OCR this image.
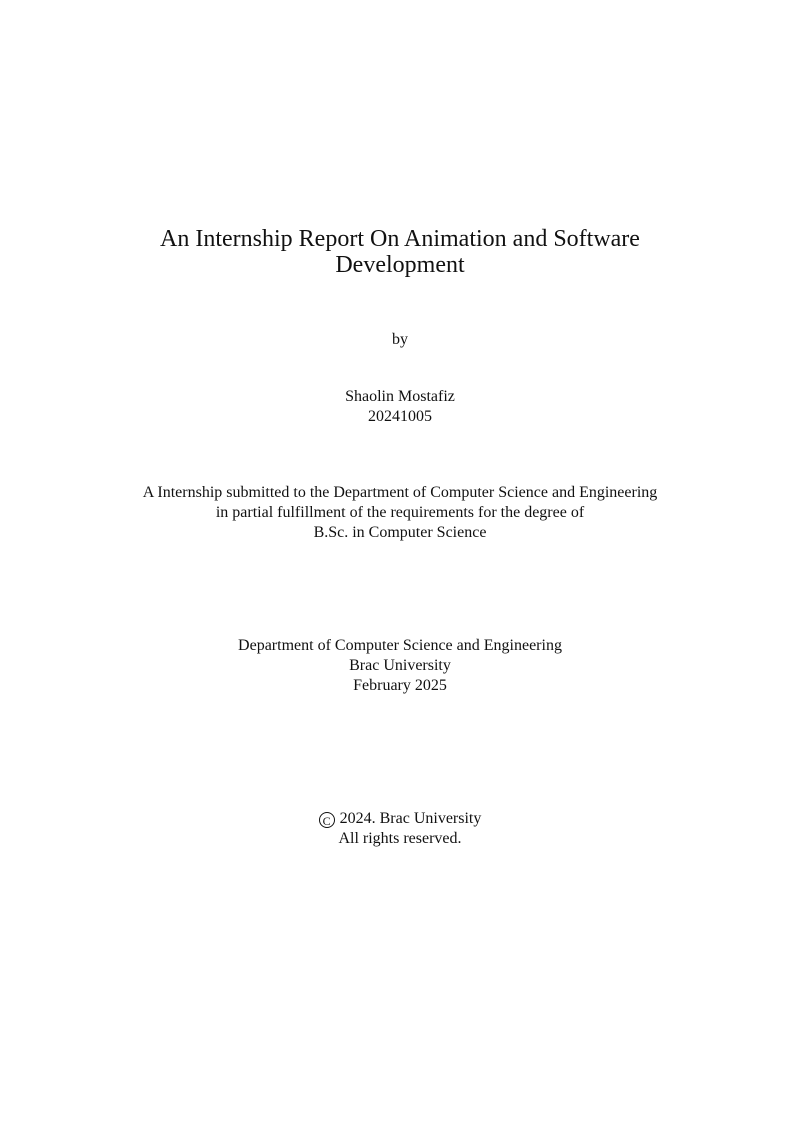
An Internship Report On Animation and Software
Development
by
Shaolin Mostafiz
20241005
A Internship submitted to the Department of Computer Science and Engineering
in partial fulfillment of the requirements for the degree of
B.Sc. in Computer Science
Department of Computer Science and Engineering
Brac University
February 2025
C 2024. Brac University
All rights reserved.
